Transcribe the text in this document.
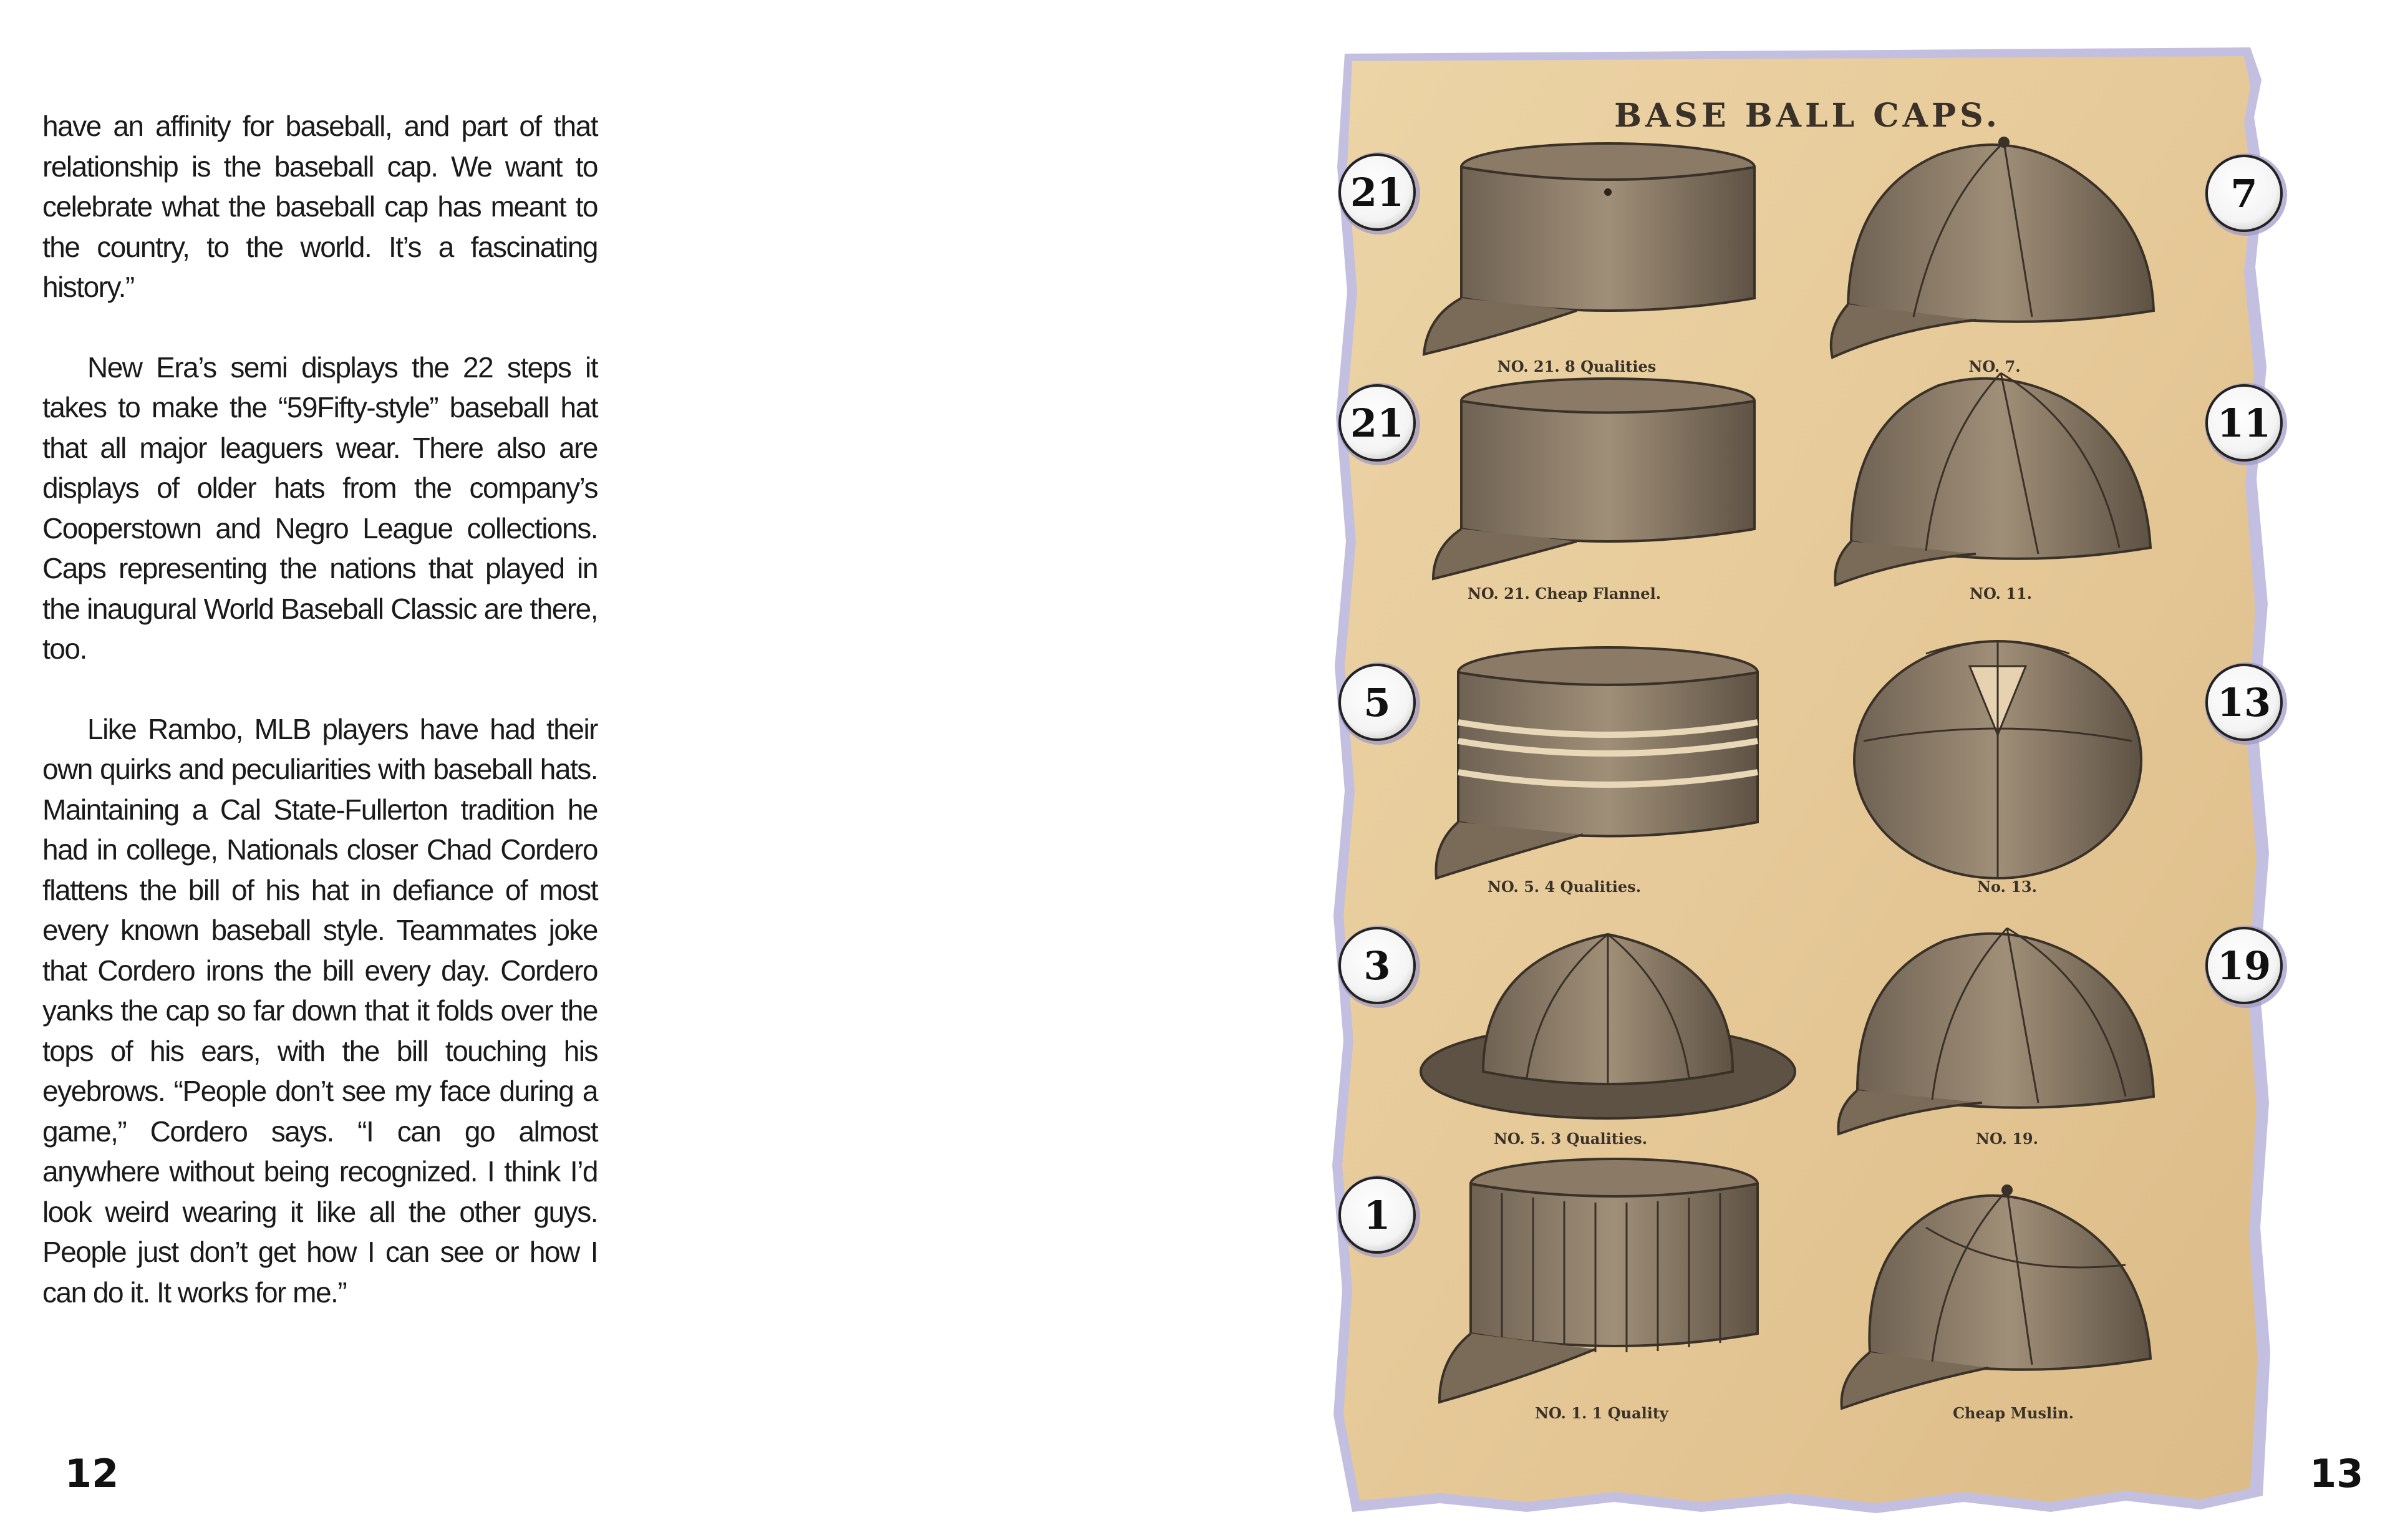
have an affinity for baseball, and part of that relationship is the baseball cap. We want to celebrate what the baseball cap has meant to the country, to the world. It’s a fascinating history.”

New Era’s semi displays the 22 steps it takes to make the “59Fifty-style” baseball hat that all major leaguers wear. There also are displays of older hats from the company’s Cooperstown and Negro League collections. Caps representing the nations that played in the inaugural World Baseball Classic are there, too.

Like Rambo, MLB players have had their own quirks and peculiarities with baseball hats. Maintaining a Cal State-Fullerton tradition he had in college, Nationals closer Chad Cordero flattens the bill of his hat in defiance of most every known baseball style. Teammates joke that Cordero irons the bill every day. Cordero yanks the cap so far down that it folds over the tops of his ears, with the bill touching his eyebrows. “People don’t see my face during a game,” Cordero says. “I can go almost anywhere without being recognized. I think I’d look weird wearing it like all the other guys. People just don’t get how I can see or how I can do it. It works for me.”

12	13
BASE BALL CAPS.
NO. 21. 8 Qualities	NO. 7.
NO. 21. Cheap Flannel.	NO. 11.
NO. 5. 4 Qualities.	No. 13.
NO. 5. 3 Qualities.	NO. 19.
NO. 1. 1 Quality	Cheap Muslin.
21
21
5
3
1
7
11
13
19
